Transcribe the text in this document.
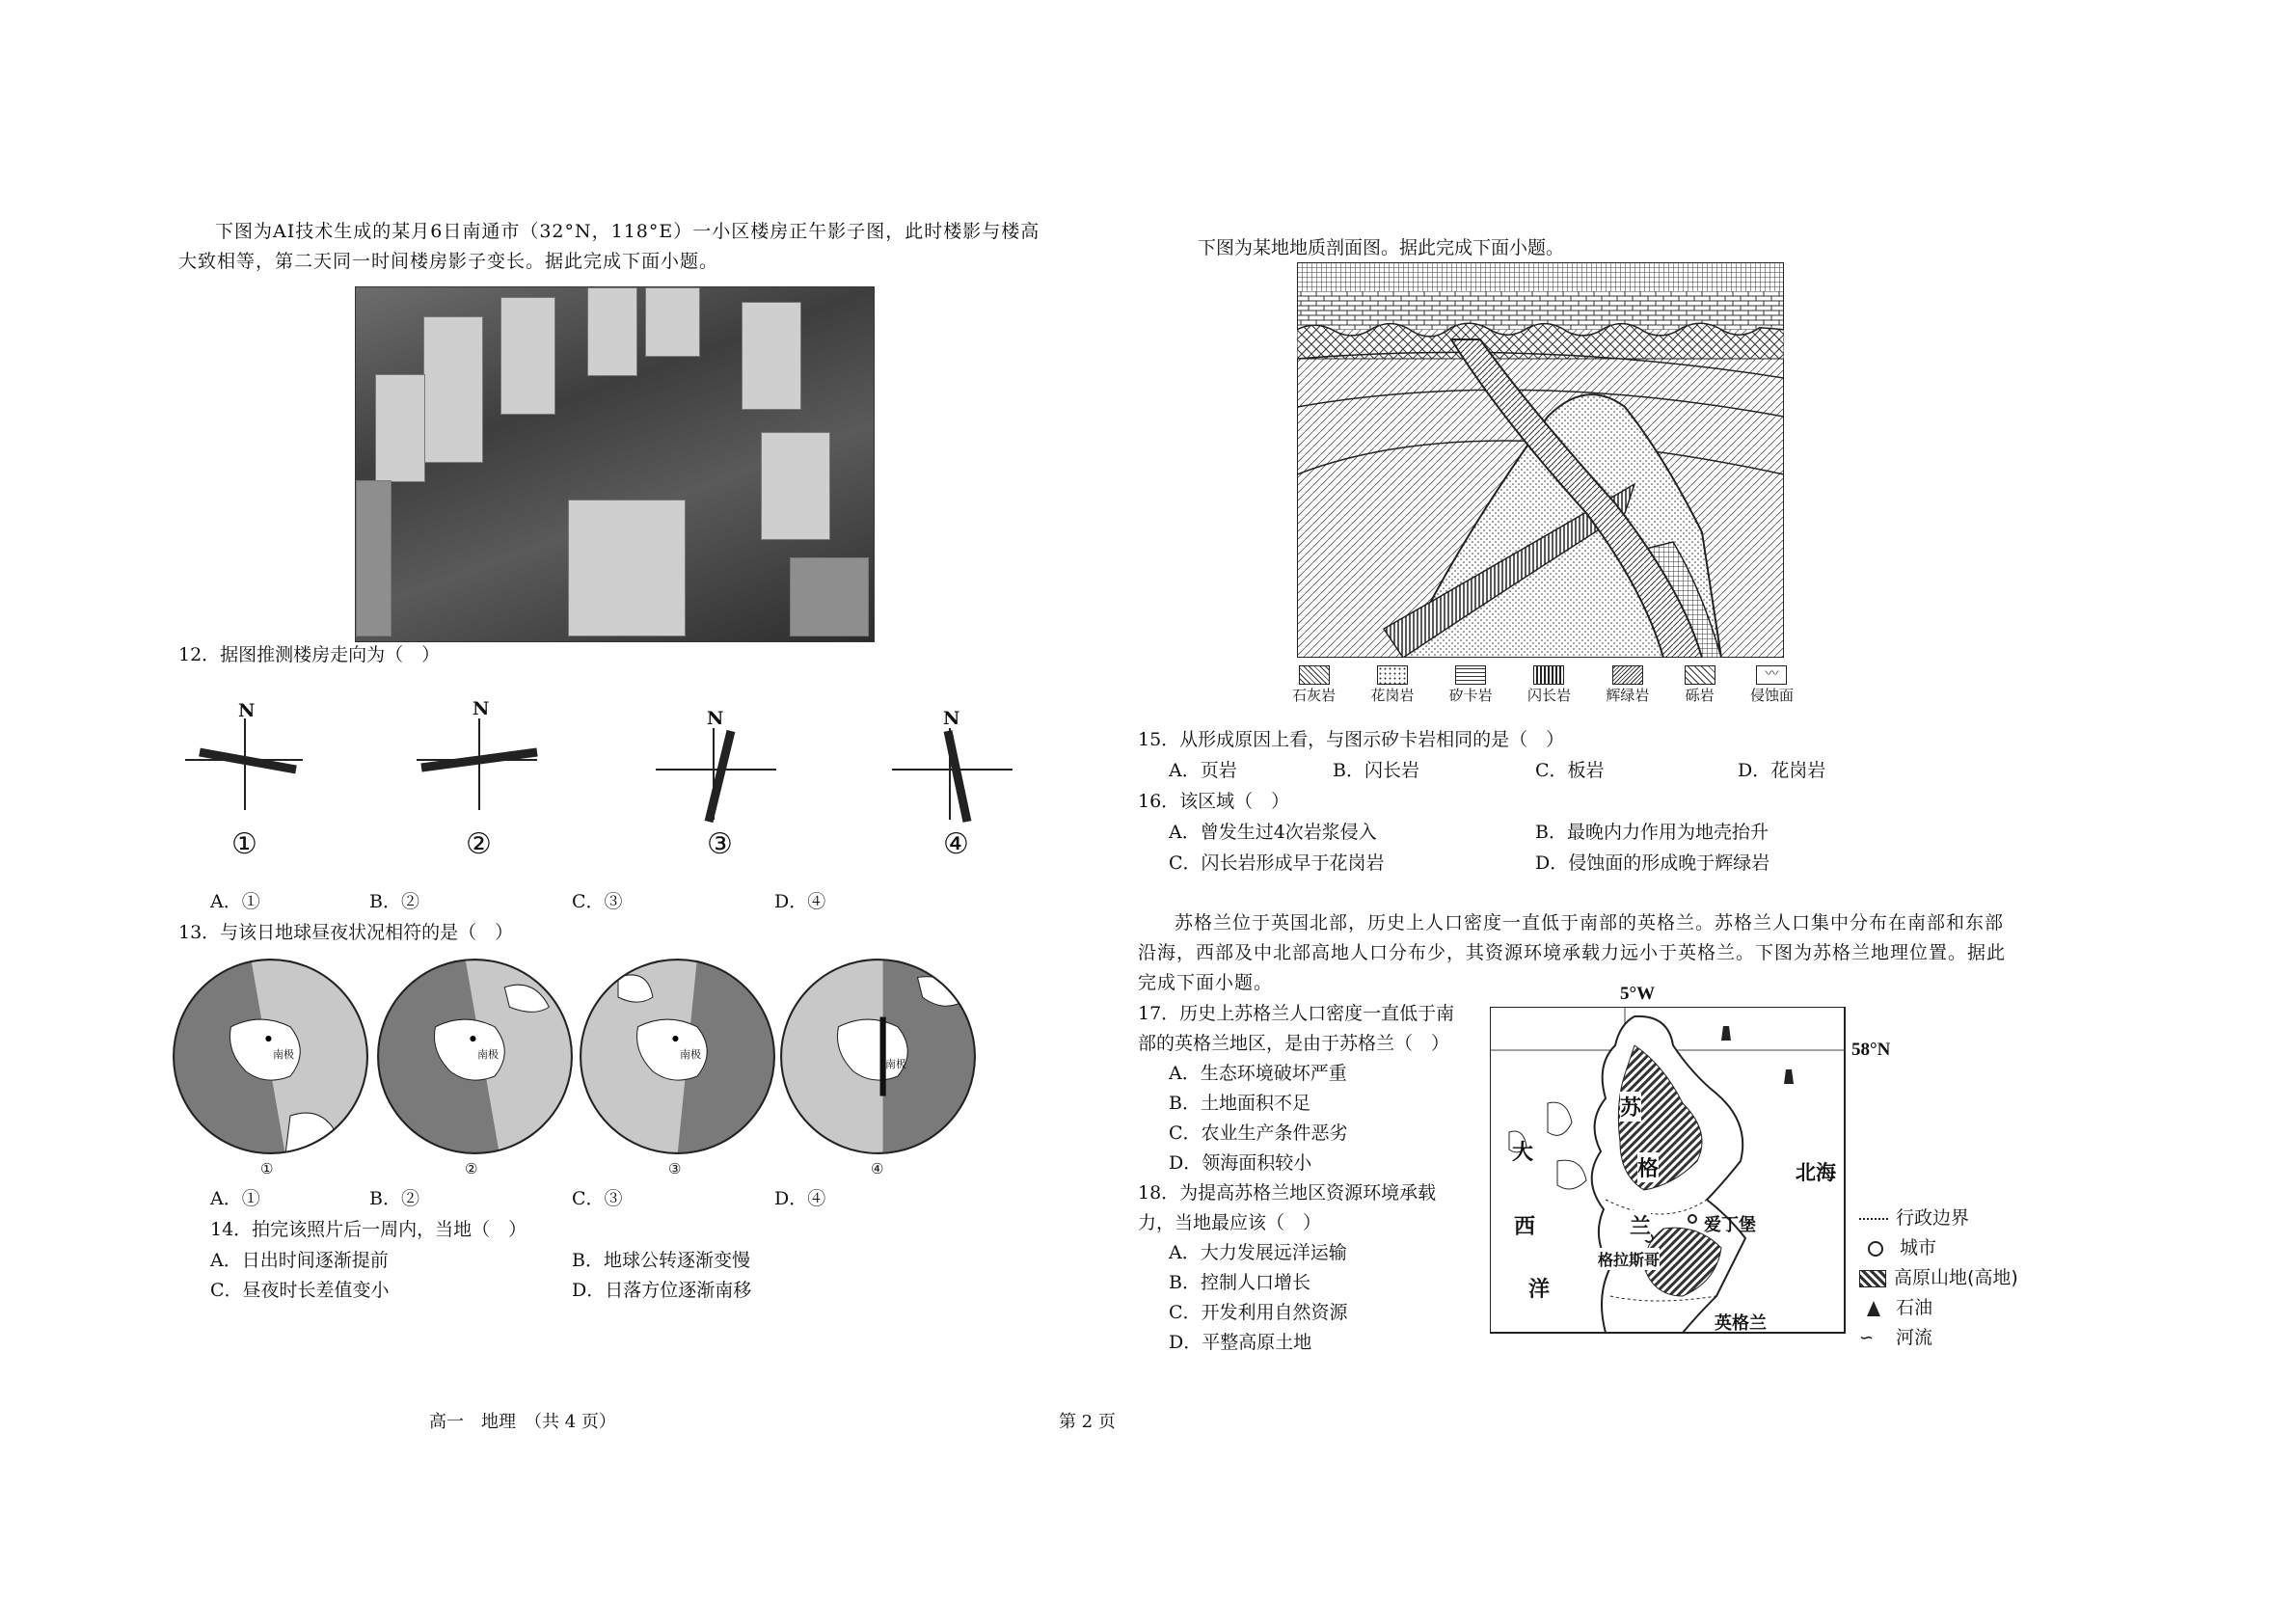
下图为AI技术生成的某月6日南通市（32°N，118°E）一小区楼房正午影子图，此时楼影与楼高大致相等，第二天同一时间楼房影子变长。据此完成下面小题。
12．据图推测楼房走向为（　）
N	N	N	N
①	②	③	④
A．①	B．②	C．③	D．④
13．与该日地球昼夜状况相符的是（　）
南极	南极	南极
南极
①	②	③	④
A．①	B．②	C．③	D．④
14．拍完该照片后一周内，当地（　）
A．日出时间逐渐提前	B．地球公转逐渐变慢
C．昼夜时长差值变小	D．日落方位逐渐南移
下图为某地地质剖面图。据此完成下面小题。
石灰岩 花岗岩 矽卡岩 闪长岩 辉绿岩 砾岩
〰
侵蚀面
15．从形成原因上看，与图示矽卡岩相同的是（　）
A．页岩	B．闪长岩	C．板岩	D．花岗岩
16．该区域（　）
A．曾发生过4次岩浆侵入	B．最晚内力作用为地壳抬升
C．闪长岩形成早于花岗岩	D．侵蚀面的形成晚于辉绿岩
苏格兰位于英国北部，历史上人口密度一直低于南部的英格兰。苏格兰人口集中分布在南部和东部沿海，西部及中北部高地人口分布少，其资源环境承载力远小于英格兰。下图为苏格兰地理位置。据此完成下面小题。
17．历史上苏格兰人口密度一直低于南部的英格兰地区，是由于苏格兰（　）
A．生态环境破坏严重
B．土地面积不足
C．农业生产条件恶劣
D．领海面积较小
18．为提高苏格兰地区资源环境承载力，当地最应该（　）
A．大力发展远洋运输
B．控制人口增长
C．开发利用自然资源
D．平整高原土地
5°W
58°N
大
西
洋
苏
格
兰
北海
爱丁堡
格拉斯哥
英格兰
行政边界
城市
高原山地(高地)
石油
∽	河流
高一　地理　（共 4 页）	第 2 页
